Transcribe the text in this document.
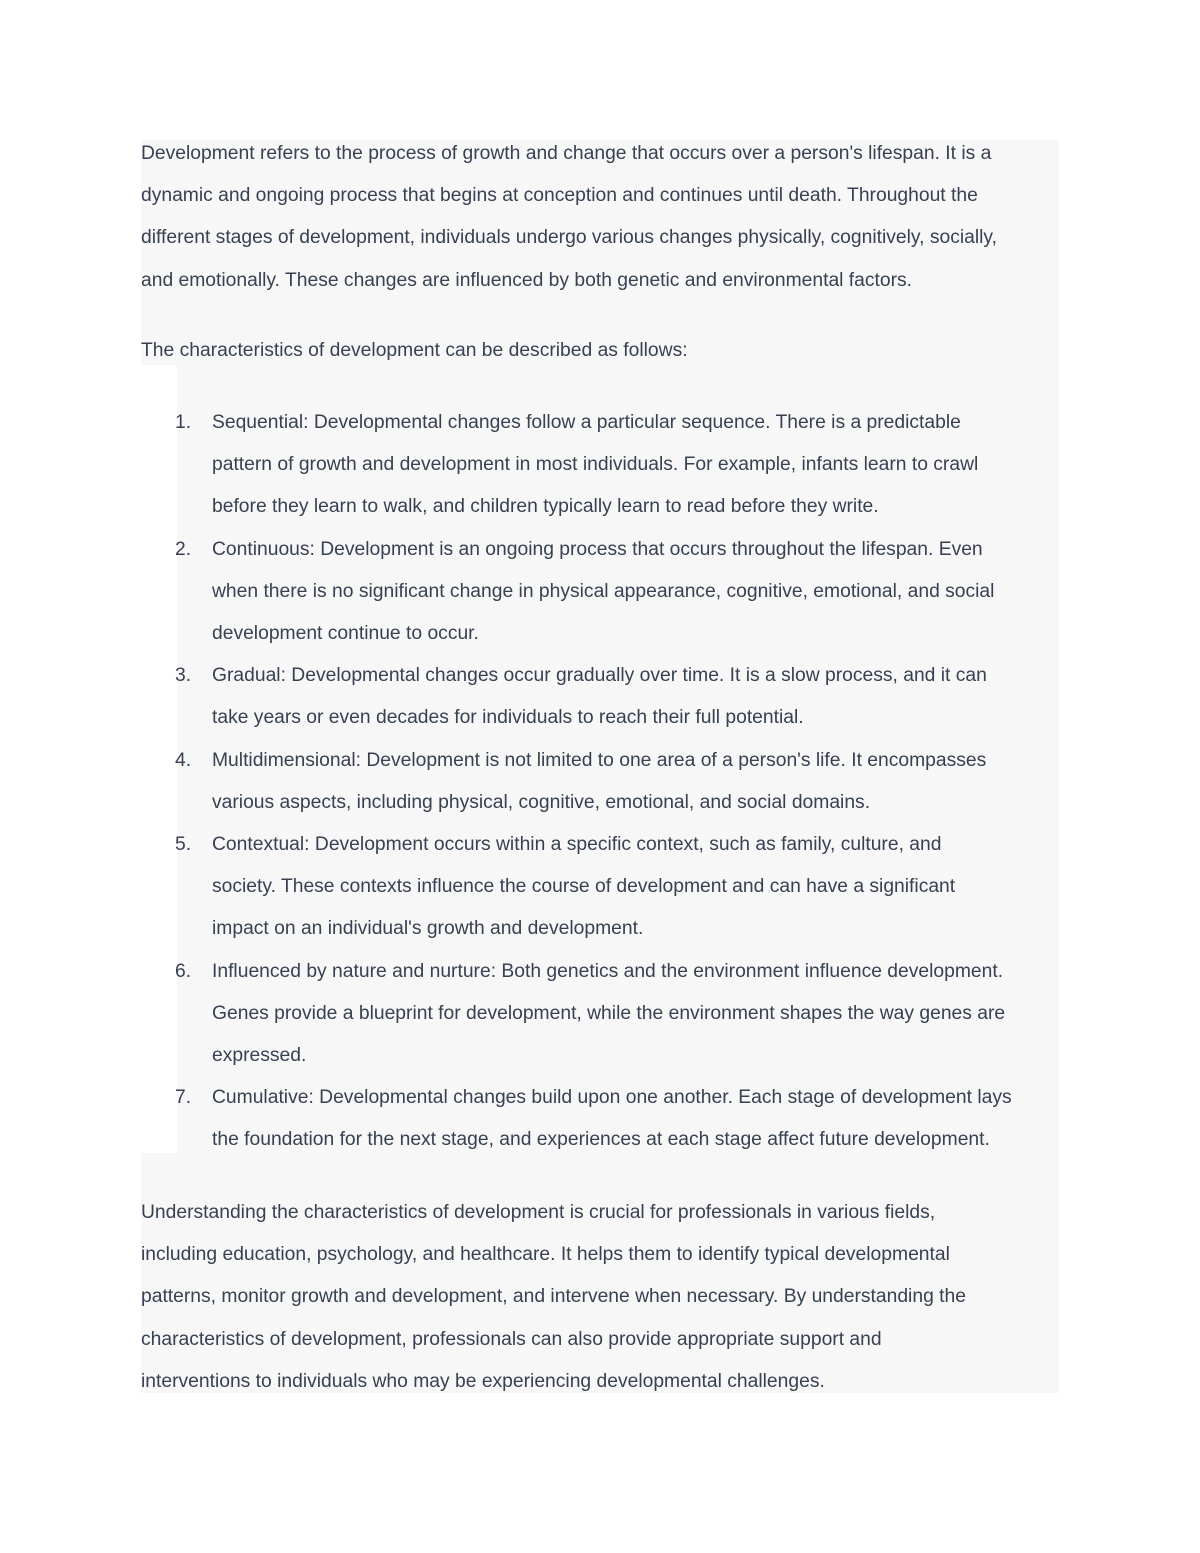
Development refers to the process of growth and change that occurs over a person's lifespan. It is a
dynamic and ongoing process that begins at conception and continues until death. Throughout the
different stages of development, individuals undergo various changes physically, cognitively, socially,
and emotionally. These changes are influenced by both genetic and environmental factors.
The characteristics of development can be described as follows:
1. Sequential: Developmental changes follow a particular sequence. There is a predictable
pattern of growth and development in most individuals. For example, infants learn to crawl
before they learn to walk, and children typically learn to read before they write.
2. Continuous: Development is an ongoing process that occurs throughout the lifespan. Even
when there is no significant change in physical appearance, cognitive, emotional, and social
development continue to occur.
3. Gradual: Developmental changes occur gradually over time. It is a slow process, and it can
take years or even decades for individuals to reach their full potential.
4. Multidimensional: Development is not limited to one area of a person's life. It encompasses
various aspects, including physical, cognitive, emotional, and social domains.
5. Contextual: Development occurs within a specific context, such as family, culture, and
society. These contexts influence the course of development and can have a significant
impact on an individual's growth and development.
6. Influenced by nature and nurture: Both genetics and the environment influence development.
Genes provide a blueprint for development, while the environment shapes the way genes are
expressed.
7. Cumulative: Developmental changes build upon one another. Each stage of development lays
the foundation for the next stage, and experiences at each stage affect future development.
Understanding the characteristics of development is crucial for professionals in various fields,
including education, psychology, and healthcare. It helps them to identify typical developmental
patterns, monitor growth and development, and intervene when necessary. By understanding the
characteristics of development, professionals can also provide appropriate support and
interventions to individuals who may be experiencing developmental challenges.
